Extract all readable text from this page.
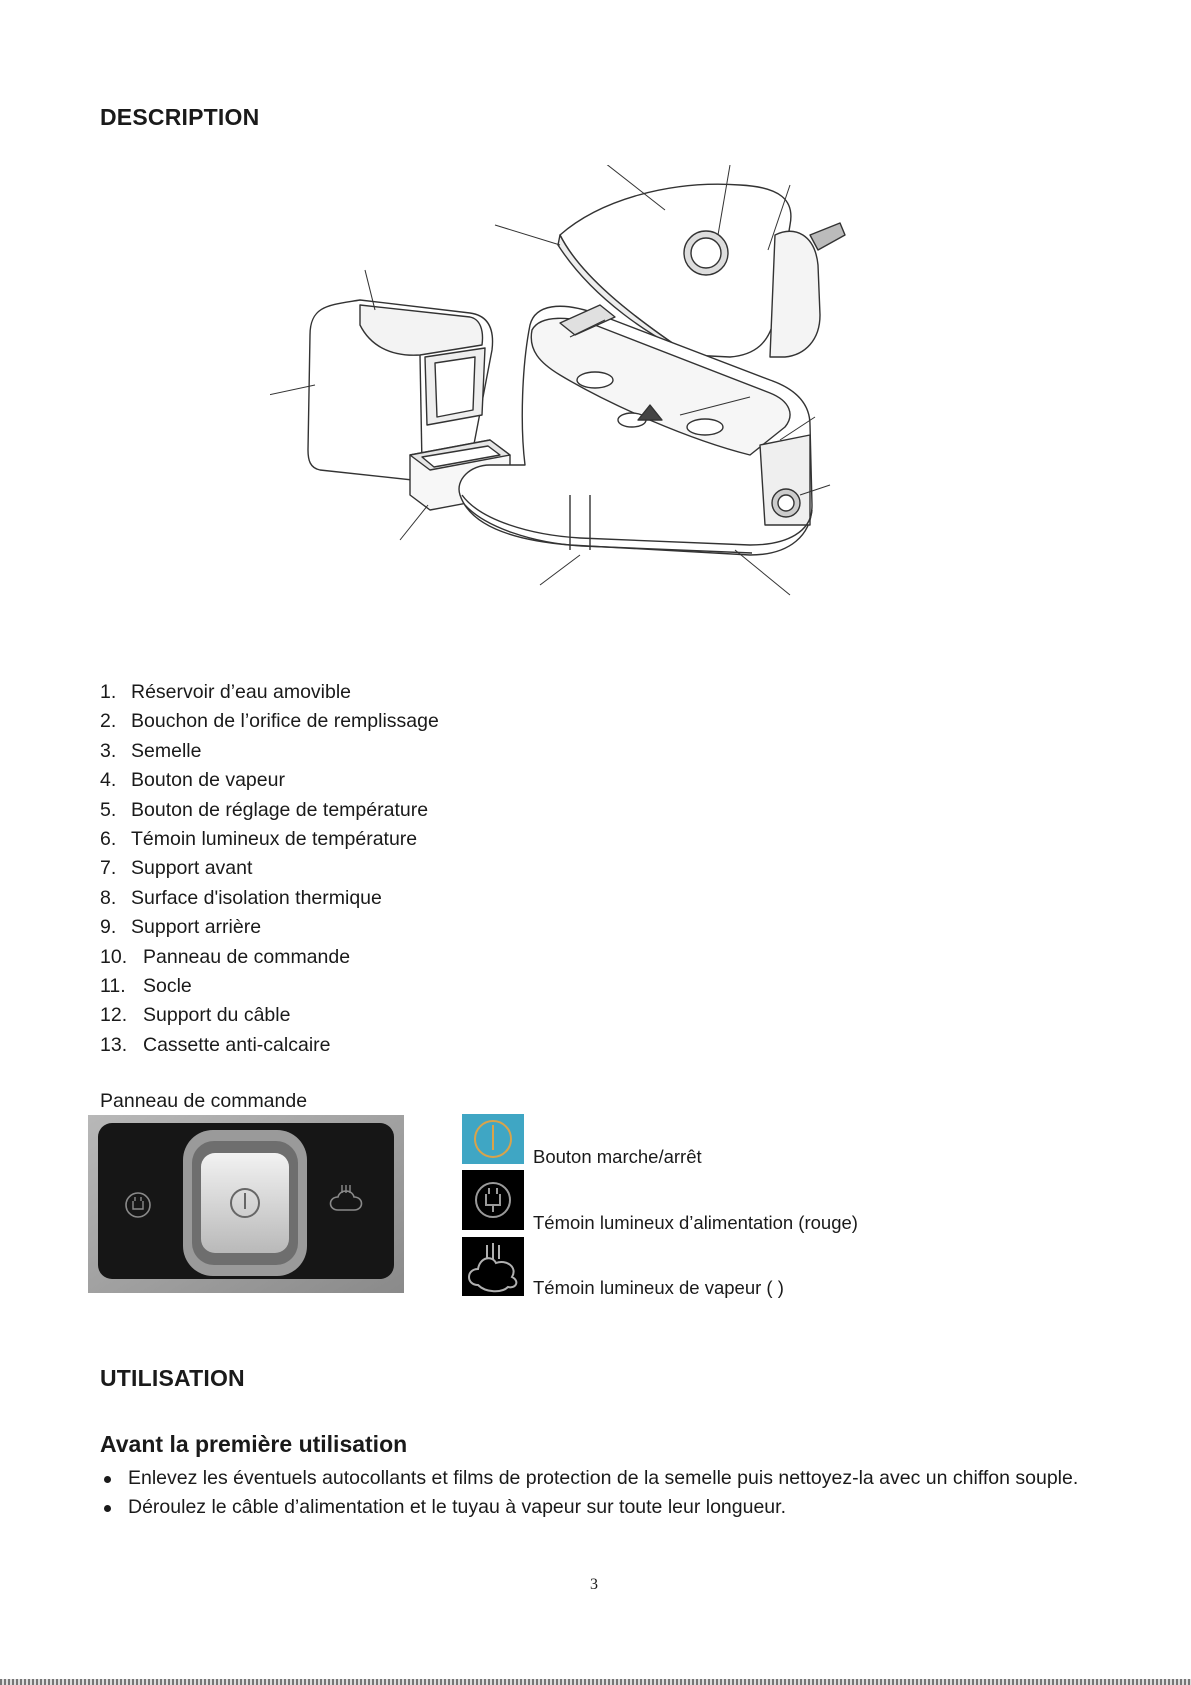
DESCRIPTION
1. Réservoir d’eau amovible
2. Bouchon de l’orifice de remplissage
3. Semelle
4. Bouton de vapeur
5. Bouton de réglage de température
6. Témoin lumineux de température
7. Support avant
8. Surface d'isolation thermique
9. Support arrière
10. Panneau de commande
11. Socle
12. Support du câble
13. Cassette anti-calcaire
Panneau de commande
Bouton marche/arrêt
Témoin lumineux d’alimentation (rouge)
Témoin lumineux de vapeur ( )
UTILISATION
Avant la première utilisation
Enlevez les éventuels autocollants et films de protection de la semelle puis nettoyez-la avec un chiffon souple.
Déroulez le câble d’alimentation et le tuyau à vapeur sur toute leur longueur.
3
